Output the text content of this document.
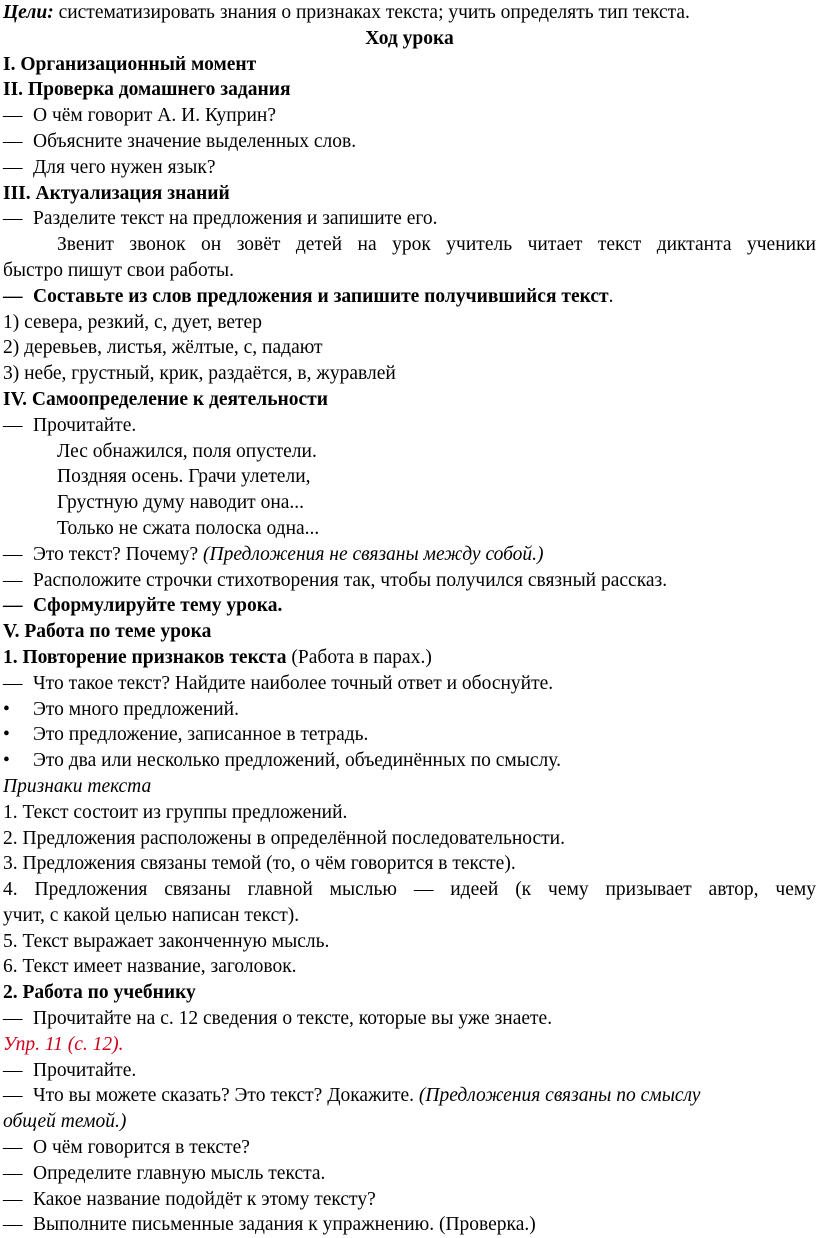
Цели: систематизировать знания о признаках текста; учить определять тип текста.
Ход урока
I. Организационный момент
II. Проверка домашнего задания
— О чём говорит А. И. Куприн?
— Объясните значение выделенных слов.
— Для чего нужен язык?
III. Актуализация знаний
— Разделите текст на предложения и запишите его.
Звенит звонок он зовёт детей на урок учитель читает текст диктанта ученики
быстро пишут свои работы.
— Составьте из слов предложения и запишите получившийся текст.
1) севера, резкий, с, дует, ветер
2) деревьев, листья, жёлтые, с, падают
3) небе, грустный, крик, раздаётся, в, журавлей
IV. Самоопределение к деятельности
— Прочитайте.
Лес обнажился, поля опустели.
Поздняя осень. Грачи улетели,
Грустную думу наводит она...
Только не сжата полоска одна...
— Это текст? Почему? (Предложения не связаны между собой.)
— Расположите строчки стихотворения так, чтобы получился связный рассказ.
— Сформулируйте тему урока.
V. Работа по теме урока
1. Повторение признаков текста (Работа в парах.)
— Что такое текст? Найдите наиболее точный ответ и обоснуйте.
• Это много предложений.
• Это предложение, записанное в тетрадь.
• Это два или несколько предложений, объединённых по смыслу.
Признаки текста
1. Текст состоит из группы предложений.
2. Предложения расположены в определённой последовательности.
3. Предложения связаны темой (то, о чём говорится в тексте).
4. Предложения связаны главной мыслью — идеей (к чему призывает автор, чему
учит, с какой целью написан текст).
5. Текст выражает законченную мысль.
6. Текст имеет название, заголовок.
2. Работа по учебнику
— Прочитайте на с. 12 сведения о тексте, которые вы уже знаете.
Упр. 11 (с. 12).
— Прочитайте.
— Что вы можете сказать? Это текст? Докажите. (Предложения связаны по смыслу
общей темой.)
— О чём говорится в тексте?
— Определите главную мысль текста.
— Какое название подойдёт к этому тексту?
— Выполните письменные задания к упражнению. (Проверка.)
